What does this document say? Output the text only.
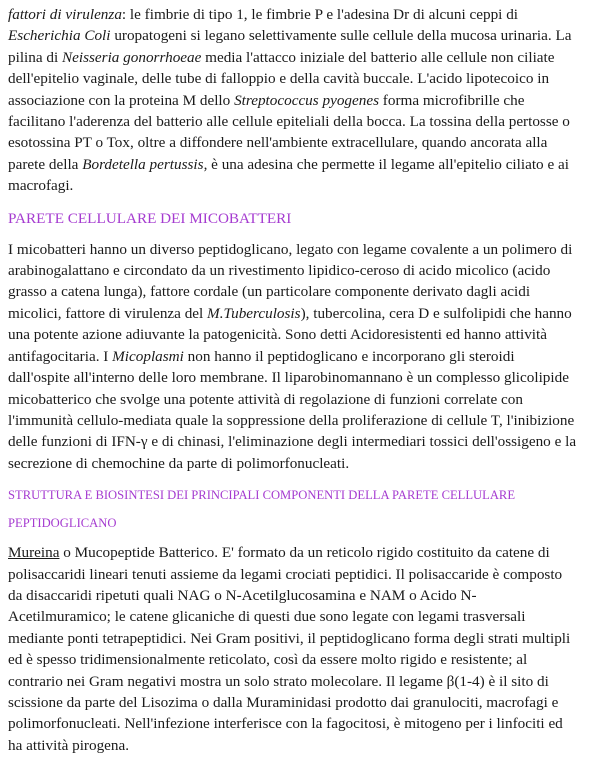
fattori di virulenza: le fimbrie di tipo 1, le fimbrie P e l'adesina Dr di alcuni ceppi di Escherichia Coli uropatogeni si legano selettivamente sulle cellule della mucosa urinaria. La pilina di Neisseria gonorrhoeae media l'attacco iniziale del batterio alle cellule non ciliate dell'epitelio vaginale, delle tube di falloppio e della cavità buccale. L'acido lipotecoico in associazione con la proteina M dello Streptococcus pyogenes forma microfibrille che facilitano l'aderenza del batterio alle cellule epiteliali della bocca. La tossina della pertosse o esotossina PT o Tox, oltre a diffondere nell'ambiente extracellulare, quando ancorata alla parete della Bordetella pertussis, è una adesina che permette il legame all'epitelio ciliato e ai macrofagi.

PARETE CELLULARE DEI MICOBATTERI

I micobatteri hanno un diverso peptidoglicano, legato con legame covalente a un polimero di arabinogalattano e circondato da un rivestimento lipidico-ceroso di acido micolico (acido grasso a catena lunga), fattore cordale (un particolare componente derivato dagli acidi micolici, fattore di virulenza del M.Tuberculosis), tubercolina, cera D e sulfolipidi che hanno una potente azione adiuvante la patogenicità. Sono detti Acidoresistenti ed hanno attività antifagocitaria. I Micoplasmi non hanno il peptidoglicano e incorporano gli steroidi dall'ospite all'interno delle loro membrane. Il liparobinomannano è un complesso glicolipide micobatterico che svolge una potente attività di regolazione di funzioni correlate con l'immunità cellulo-mediata quale la soppressione della proliferazione di cellule T, l'inibizione delle funzioni di IFN-γ e di chinasi, l'eliminazione degli intermediari tossici dell'ossigeno e la secrezione di chemochine da parte di polimorfonucleati.

STRUTTURA E BIOSINTESI DEI PRINCIPALI COMPONENTI DELLA PARETE CELLULARE
PEPTIDOGLICANO

Mureina o Mucopeptide Batterico. E' formato da un reticolo rigido costituito da catene di polisaccaridi lineari tenuti assieme da legami crociati peptidici. Il polisaccaride è composto da disaccaridi ripetuti quali NAG o N-Acetilglucosamina e NAM o Acido N-Acetilmuramico; le catene glicaniche di questi due sono legate con legami trasversali mediante ponti tetrapeptidici. Nei Gram positivi, il peptidoglicano forma degli strati multipli ed è spesso tridimensionalmente reticolato, così da essere molto rigido e resistente; al contrario nei Gram negativi mostra un solo strato molecolare. Il legame β(1-4) è il sito di scissione da parte del Lisozima o dalla Muraminidasi prodotto dai granulociti, macrofagi e polimorfonucleati. Nell'infezione interferisce con la fagocitosi, è mitogeno per i linfociti ed ha attività pirogena.
